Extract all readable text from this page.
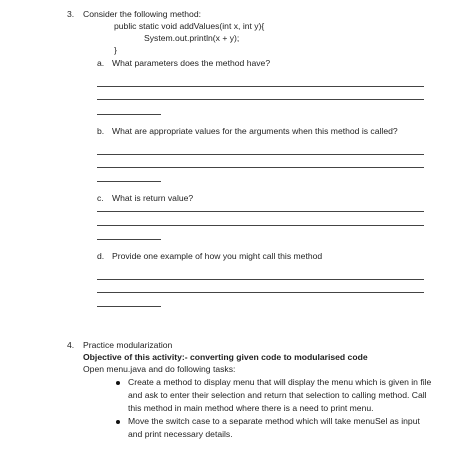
3. Consider the following method:
public static void addValues(int x, int y){
System.out.println(x + y);
}
a. What parameters does the method have?
b. What are appropriate values for the arguments when this method is called?
c. What is return value?
d. Provide one example of how you might call this method
4. Practice modularization
Objective of this activity:- converting given code to modularised code
Open menu.java and do following tasks:
Create a method to display menu that will display the menu which is given in file
and ask to enter their selection and return that selection to calling method. Call
this method in main method where there is a need to print menu.
Move the switch case to a separate method which will take menuSel as input
and print necessary details.
